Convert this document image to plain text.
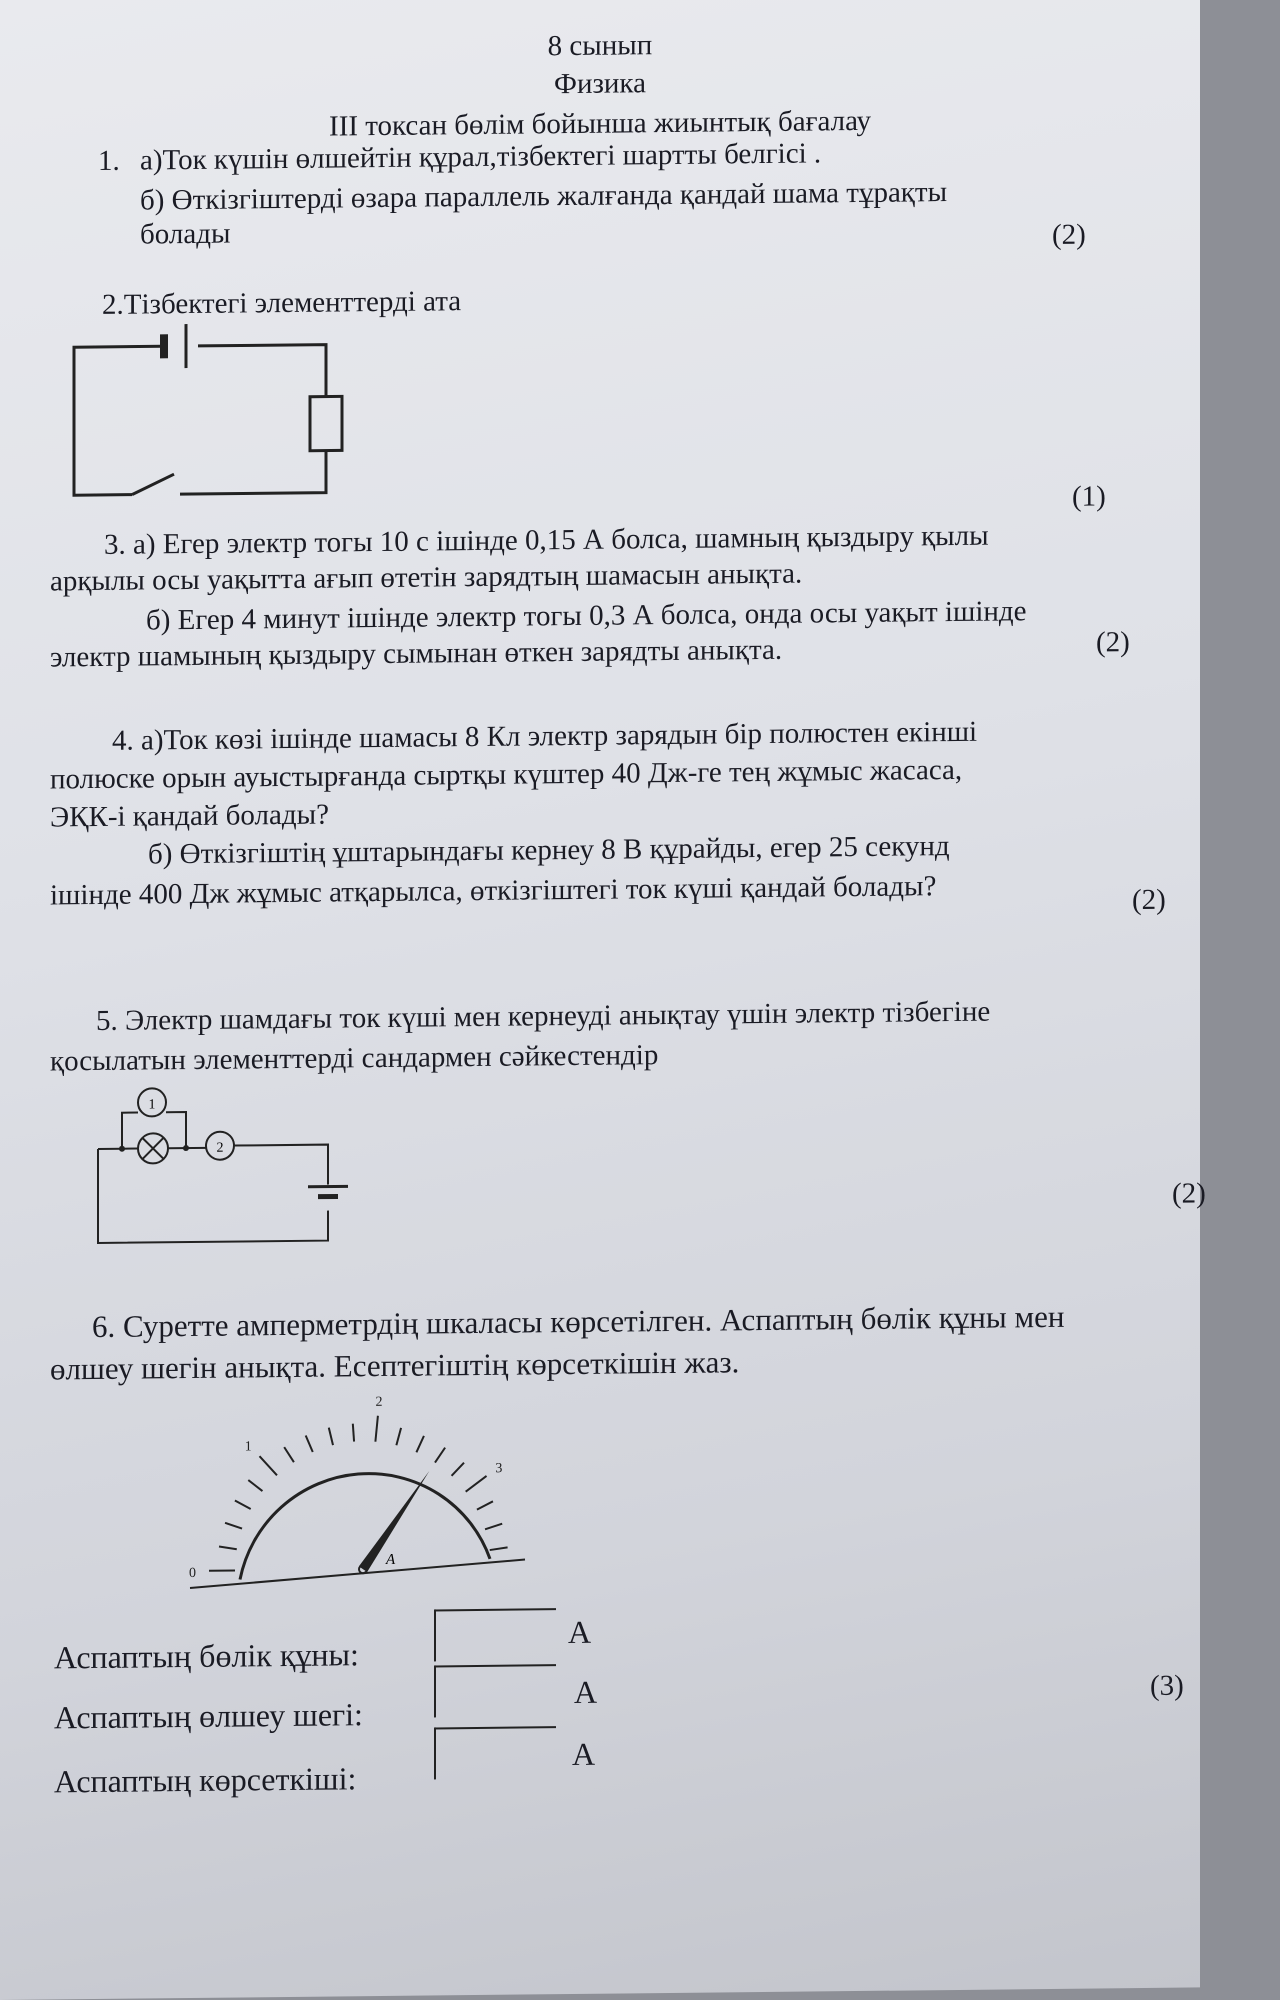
8 сынып
Физика
III токсан бөлім бойынша жиынтық бағалау
1. а)Ток күшін өлшейтін құрал,тізбектегі шартты белгісі .
б) Өткізгіштерді өзара параллель жалғанда қандай шама тұрақты
болады	(2)
2.Тізбектегі элементтерді ата
(1)
3. а) Егер электр тогы 10 с ішінде 0,15 А болса, шамның қыздыру қылы
арқылы осы уақытта ағып өтетін зарядтың шамасын анықта.
б) Егер 4 минут ішінде электр тогы 0,3 А болса, онда осы уақыт ішінде
электр шамының қыздыру сымынан өткен зарядты анықта.	(2)
4. а)Ток көзі ішінде шамасы 8 Кл электр зарядын бір полюстен екінші
полюске орын ауыстырғанда сыртқы күштер 40 Дж-ге тең жұмыс жасаса,
ЭҚК-і қандай болады?
б) Өткізгіштің ұштарындағы кернеу 8 В құрайды, егер 25 секунд
ішінде 400 Дж жұмыс атқарылса, өткізгіштегі ток күші қандай болады?	(2)
5. Электр шамдағы ток күші мен кернеуді анықтау үшін электр тізбегіне
қосылатын элементтерді сандармен сәйкестендір
1
2
(2)
6. Суретте амперметрдің шкаласы көрсетілген. Аспаптың бөлік құны мен
өлшеу шегін анықта. Есептегіштің көрсеткішін жаз.
0
1
2
3
A
Аспаптың бөлік құны:
А
Аспаптың өлшеу шегі:
А
Аспаптың көрсеткіші:
А
(3)
